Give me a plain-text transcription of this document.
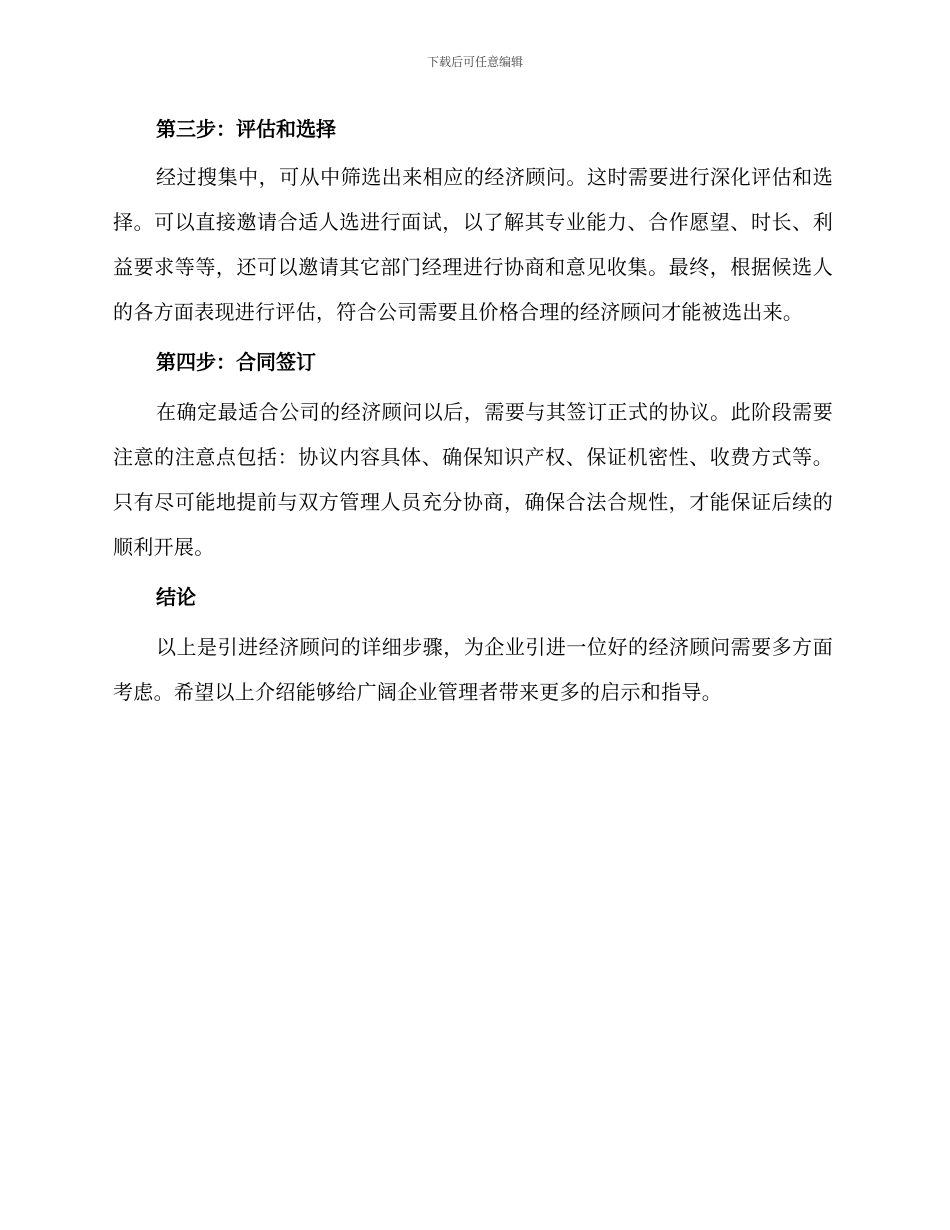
下载后可任意编辑
第三步：评估和选择

经过搜集中，可从中筛选出来相应的经济顾问。这时需要进行深化评估和选择。可以直接邀请合适人选进行面试，以了解其专业能力、合作愿望、时长、利益要求等等，还可以邀请其它部门经理进行协商和意见收集。最终，根据候选人的各方面表现进行评估，符合公司需要且价格合理的经济顾问才能被选出来。

第四步：合同签订

在确定最适合公司的经济顾问以后，需要与其签订正式的协议。此阶段需要注意的注意点包括：协议内容具体、确保知识产权、保证机密性、收费方式等。只有尽可能地提前与双方管理人员充分协商，确保合法合规性，才能保证后续的顺利开展。

结论

以上是引进经济顾问的详细步骤，为企业引进一位好的经济顾问需要多方面考虑。希望以上介绍能够给广阔企业管理者带来更多的启示和指导。
